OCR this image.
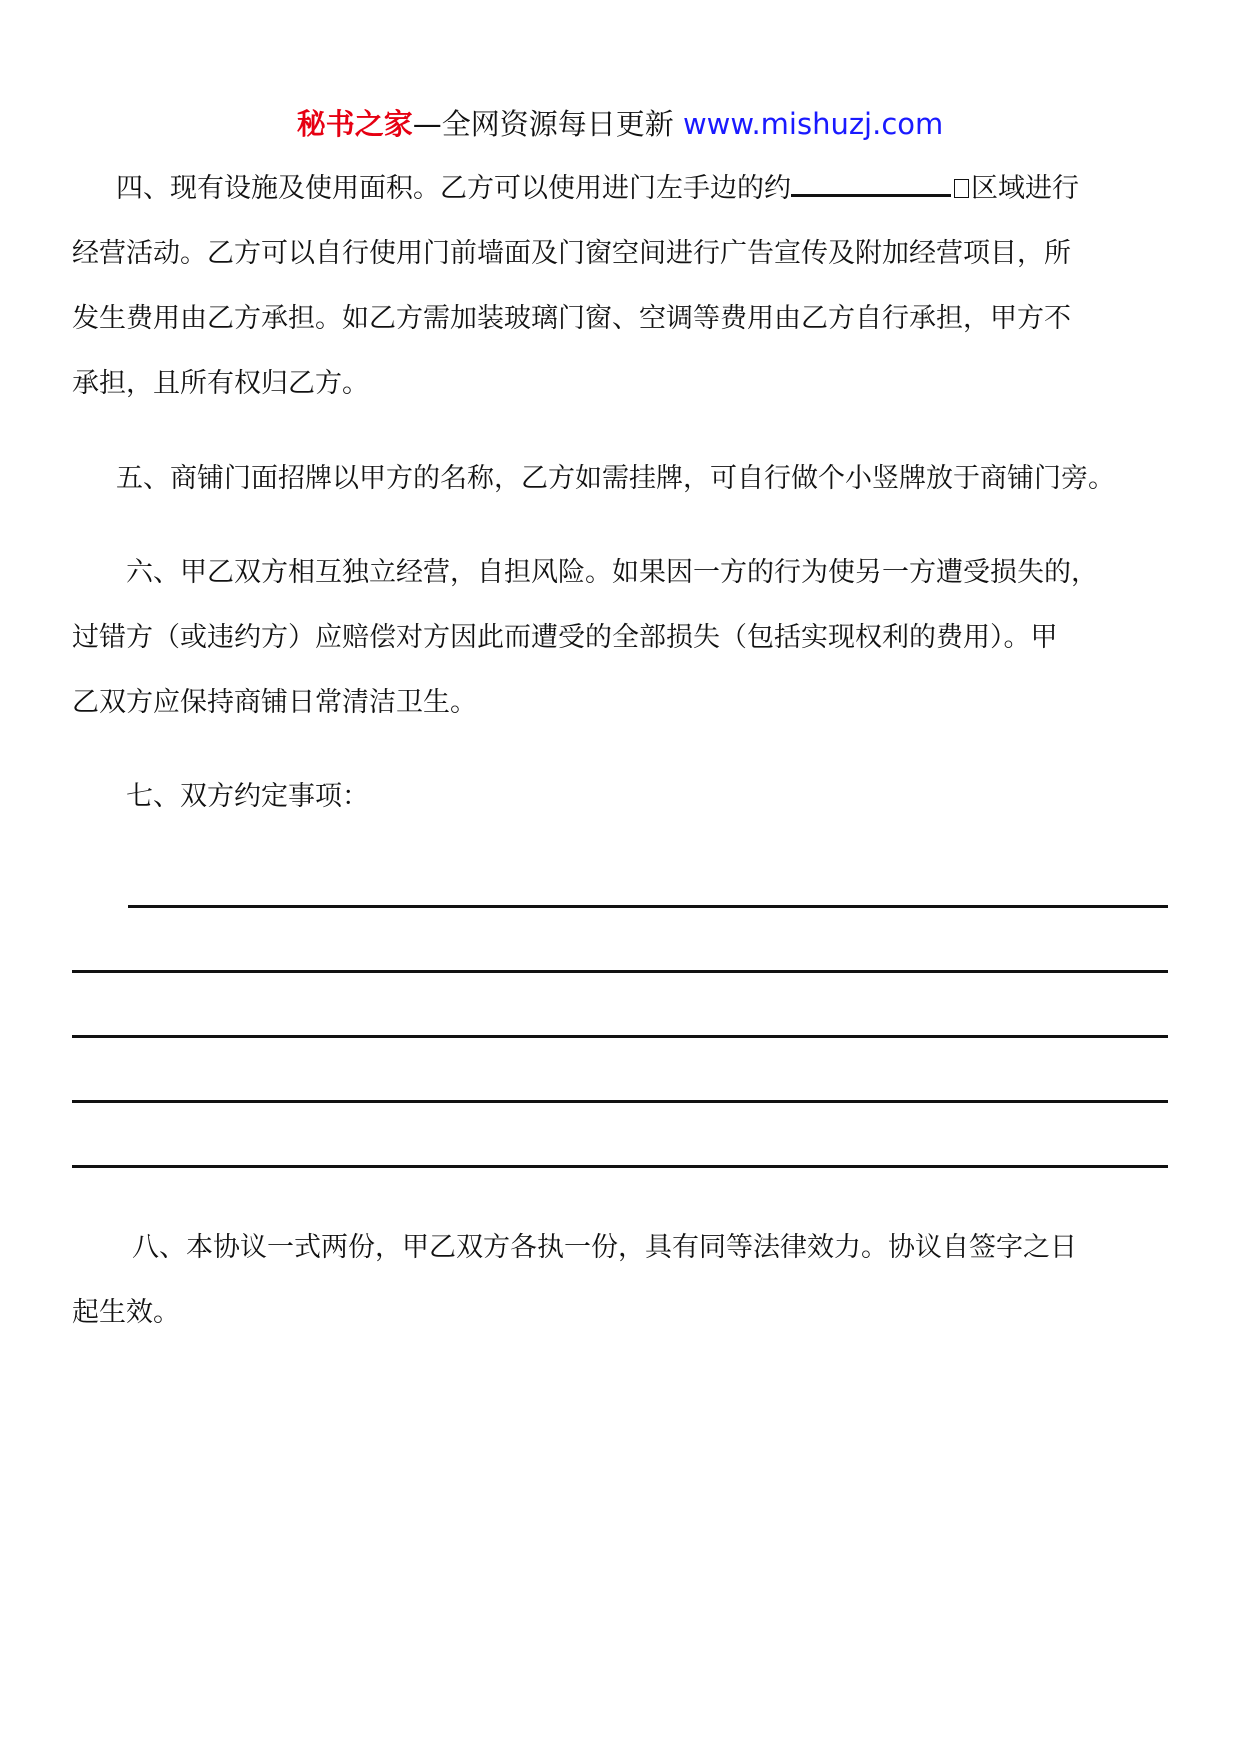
秘书之家—全网资源每日更新 www.mishuzj.com

四、现有设施及使用面积。乙方可以使用进门左手边的约	区域进行

经营活动。乙方可以自行使用门前墙面及门窗空间进行广告宣传及附加经营项目，所

发生费用由乙方承担。如乙方需加装玻璃门窗、空调等费用由乙方自行承担，甲方不

承担，且所有权归乙方。

五、商铺门面招牌以甲方的名称，乙方如需挂牌，可自行做个小竖牌放于商铺门旁。

六、甲乙双方相互独立经营，自担风险。如果因一方的行为使另一方遭受损失的，

过错方（或违约方）应赔偿对方因此而遭受的全部损失（包括实现权利的费用）。甲

乙双方应保持商铺日常清洁卫生。

七、双方约定事项：

八、本协议一式两份，甲乙双方各执一份，具有同等法律效力。协议自签字之日

起生效。
